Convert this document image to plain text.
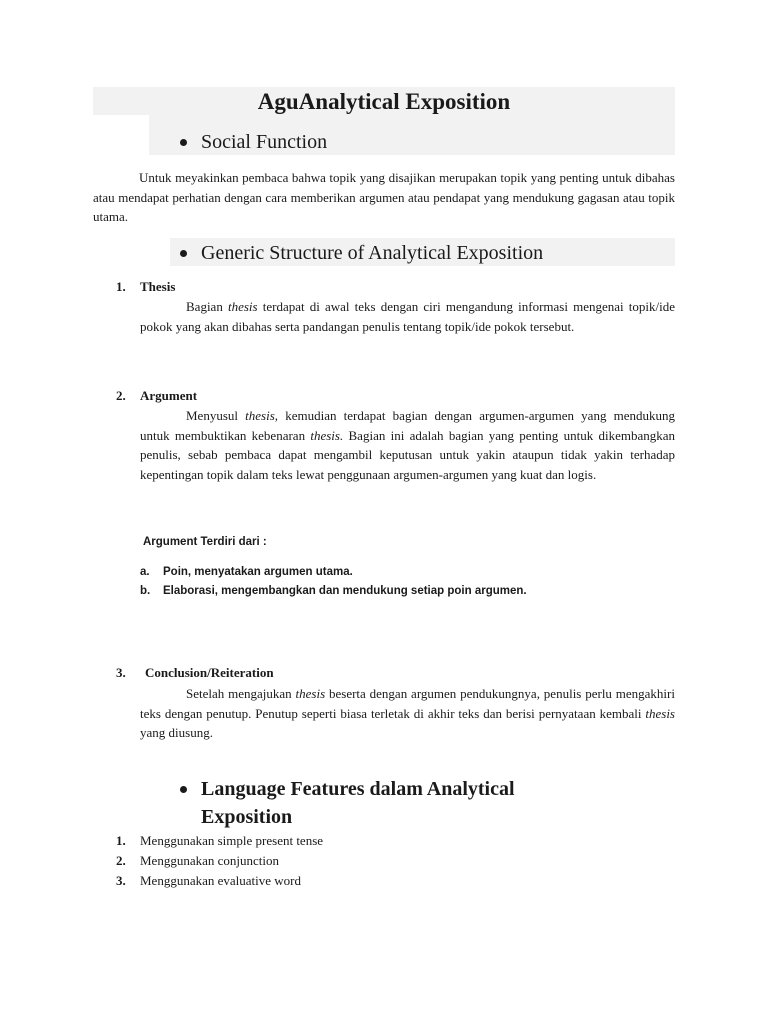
AguAnalytical Exposition
Social Function
Untuk meyakinkan pembaca bahwa topik yang disajikan merupakan topik yang penting untuk dibahas atau mendapat perhatian dengan cara memberikan argumen atau pendapat yang mendukung gagasan atau topik utama.
Generic Structure of Analytical Exposition
1. Thesis
Bagian thesis terdapat di awal teks dengan ciri mengandung informasi mengenai topik/ide pokok yang akan dibahas serta pandangan penulis tentang topik/ide pokok tersebut.
2. Argument
Menyusul thesis, kemudian terdapat bagian dengan argumen-argumen yang mendukung untuk membuktikan kebenaran thesis. Bagian ini adalah bagian yang penting untuk dikembangkan penulis, sebab pembaca dapat mengambil keputusan untuk yakin ataupun tidak yakin terhadap kepentingan topik dalam teks lewat penggunaan argumen-argumen yang kuat dan logis.
Argument Terdiri dari :
a. Poin, menyatakan argumen utama.
b. Elaborasi, mengembangkan dan mendukung setiap poin argumen.
3. Conclusion/Reiteration
Setelah mengajukan thesis beserta dengan argumen pendukungnya, penulis perlu mengakhiri teks dengan penutup. Penutup seperti biasa terletak di akhir teks dan berisi pernyataan kembali thesis yang diusung.
Language Features dalam Analytical
Exposition
1. Menggunakan simple present tense
2. Menggunakan conjunction
3. Menggunakan evaluative word
